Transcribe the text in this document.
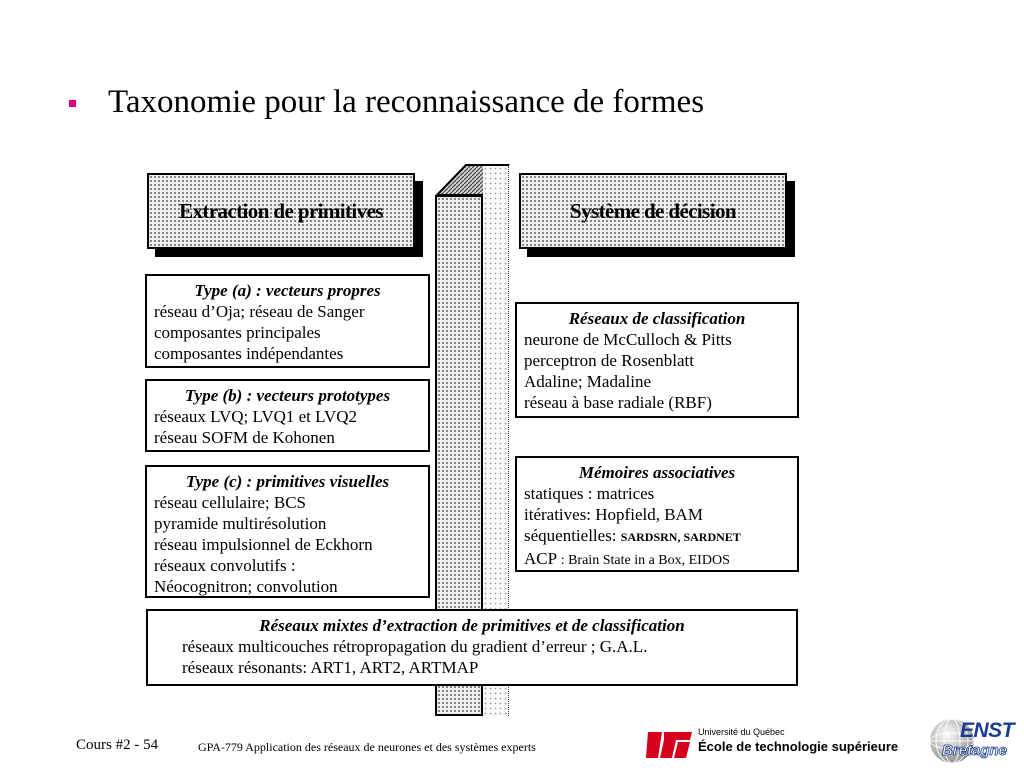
Taxonomie pour la reconnaissance de formes
Extraction de primitives	Système de décision
Type (a) : vecteurs propres
réseau d’Oja; réseau de Sanger
composantes principales
composantes indépendantes
Type (b) : vecteurs prototypes
réseaux LVQ; LVQ1 et LVQ2
réseau SOFM de Kohonen
Type (c) : primitives visuelles
réseau cellulaire; BCS
pyramide multirésolution
réseau impulsionnel de Eckhorn
réseaux convolutifs :
Néocognitron; convolution
Réseaux de classification
neurone de McCulloch & Pitts
perceptron de Rosenblatt
Adaline; Madaline
réseau à base radiale (RBF)
Mémoires associatives
statiques : matrices
itératives: Hopfield, BAM
séquentielles: SARDSRN, SARDNET
ACP : Brain State in a Box, EIDOS
Réseaux mixtes d’extraction de primitives et de classification
réseaux multicouches rétropropagation du gradient d’erreur ; G.A.L.
réseaux résonants: ART1, ART2, ARTMAP
Cours #2 - 54	GPA-779 Application des réseaux de neurones et des systèmes experts
Université du Québec
École de technologie supérieure
ENST
Bretagne
